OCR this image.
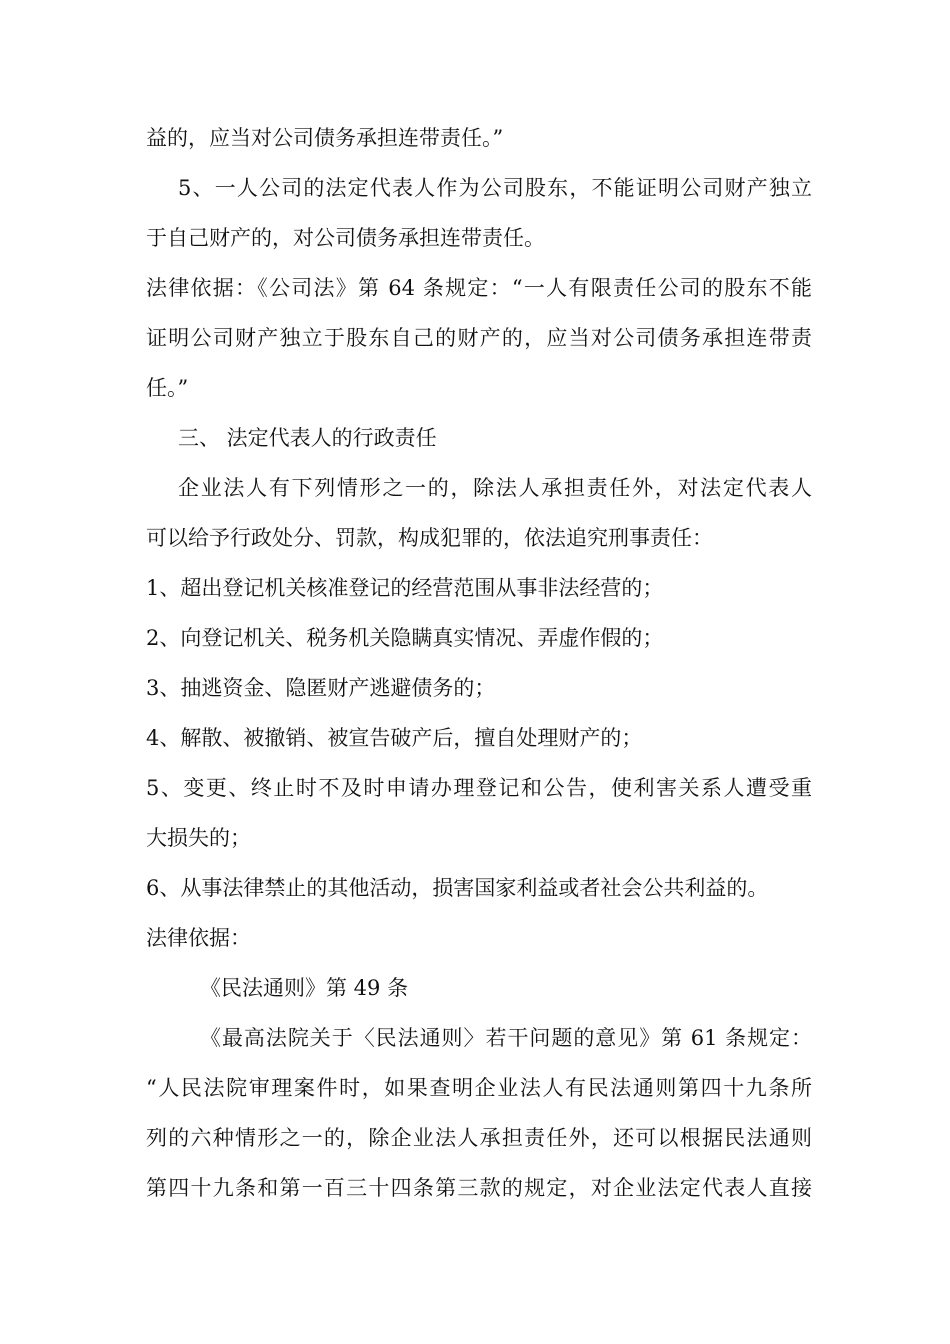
益的，应当对公司债务承担连带责任。”
5、一人公司的法定代表人作为公司股东，不能证明公司财产独立
于自己财产的，对公司债务承担连带责任。
法律依据：《公司法》第 64 条规定：“一人有限责任公司的股东不能
证明公司财产独立于股东自己的财产的，应当对公司债务承担连带责
任。”
三、 法定代表人的行政责任
企业法人有下列情形之一的，除法人承担责任外，对法定代表人
可以给予行政处分、罚款，构成犯罪的，依法追究刑事责任：
1、超出登记机关核准登记的经营范围从事非法经营的；
2、向登记机关、税务机关隐瞒真实情况、弄虚作假的；
3、抽逃资金、隐匿财产逃避债务的；
4、解散、被撤销、被宣告破产后，擅自处理财产的；
5、变更、终止时不及时申请办理登记和公告，使利害关系人遭受重
大损失的；
6、从事法律禁止的其他活动，损害国家利益或者社会公共利益的。
法律依据：
《民法通则》第 49 条
《最高法院关于〈民法通则〉若干问题的意见》第 61 条规定：
“人民法院审理案件时，如果查明企业法人有民法通则第四十九条所
列的六种情形之一的，除企业法人承担责任外，还可以根据民法通则
第四十九条和第一百三十四条第三款的规定，对企业法定代表人直接
